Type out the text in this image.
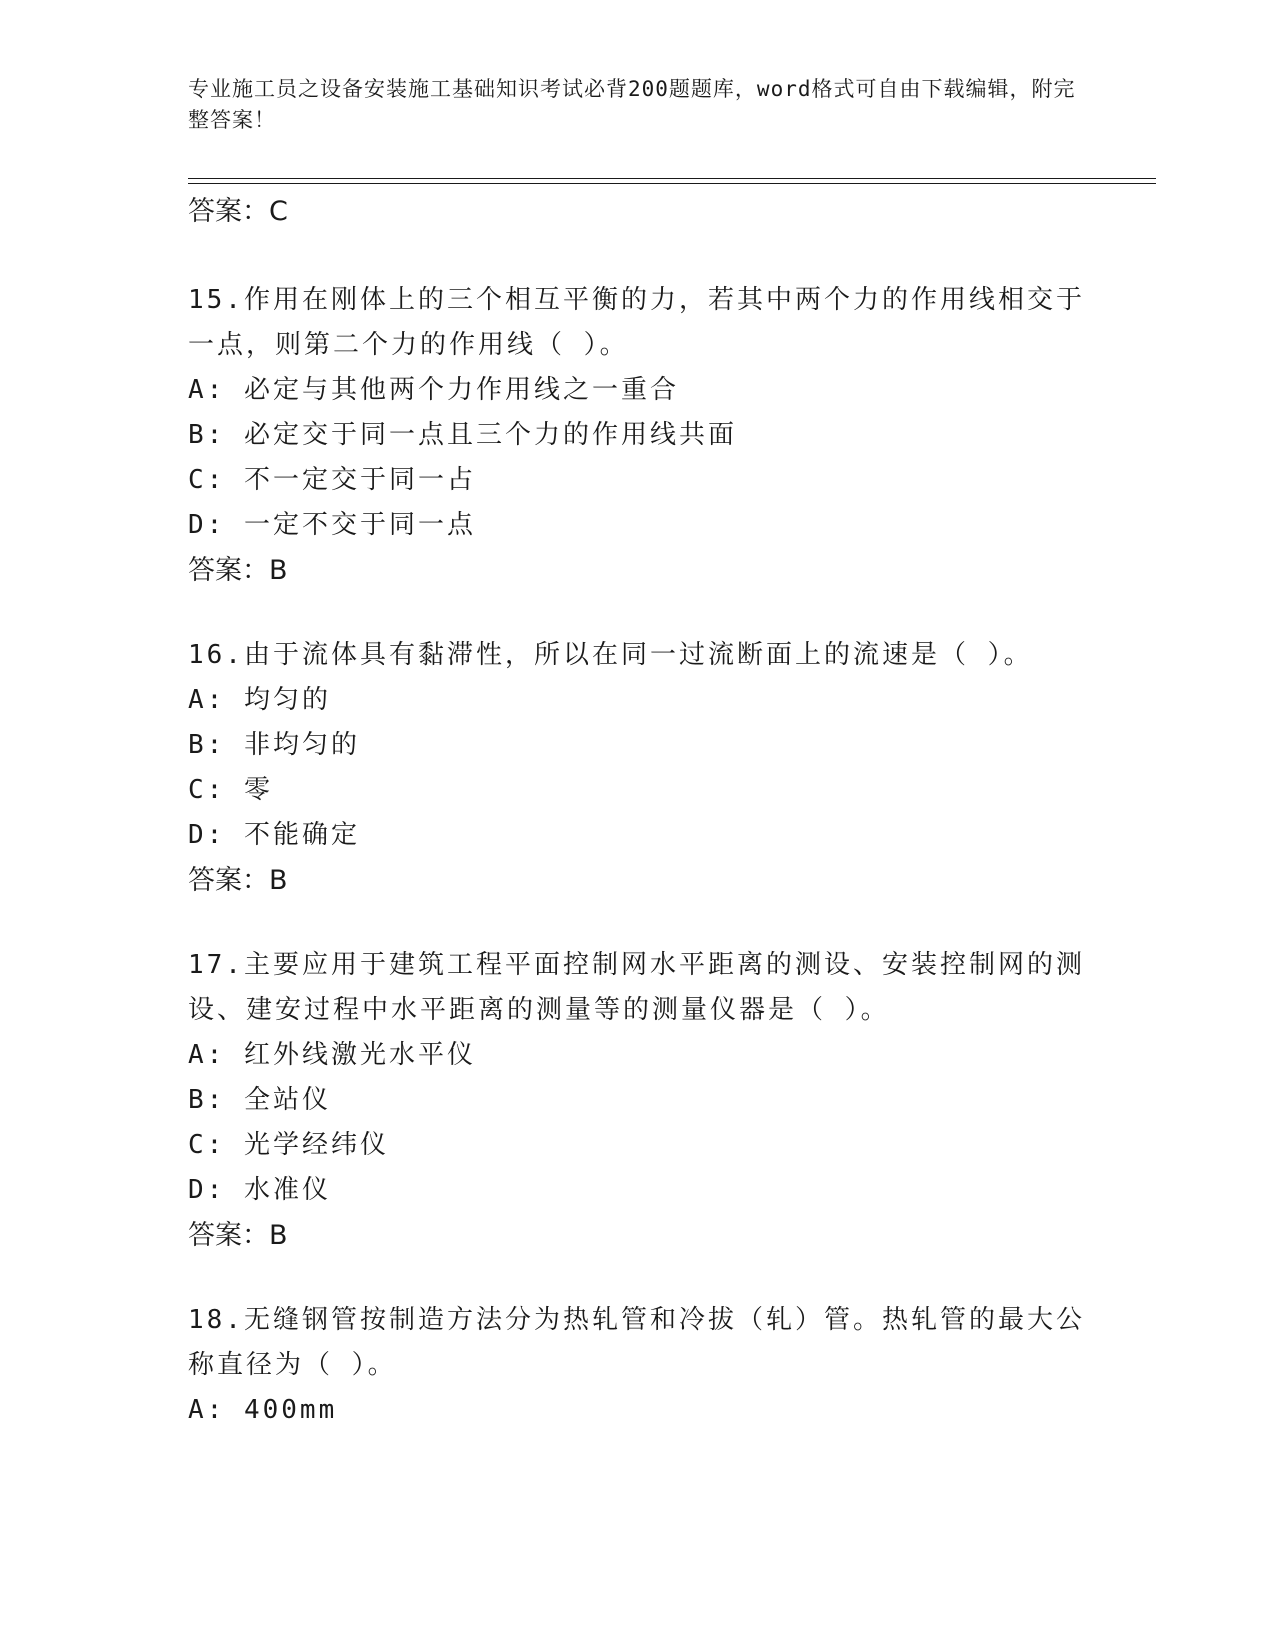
专业施工员之设备安装施工基础知识考试必背200题题库，word格式可自由下载编辑，附完整答案！
答案：C
15.作用在刚体上的三个相互平衡的力，若其中两个力的作用线相交于一点，则第二个力的作用线（ ）。
A: 必定与其他两个力作用线之一重合
B: 必定交于同一点且三个力的作用线共面
C: 不一定交于同一占
D: 一定不交于同一点
答案：B
16.由于流体具有黏滞性，所以在同一过流断面上的流速是（ ）。
A: 均匀的
B: 非均匀的
C: 零
D: 不能确定
答案：B
17.主要应用于建筑工程平面控制网水平距离的测设、安装控制网的测设、建安过程中水平距离的测量等的测量仪器是（ ）。
A: 红外线激光水平仪
B: 全站仪
C: 光学经纬仪
D: 水准仪
答案：B
18.无缝钢管按制造方法分为热轧管和冷拔（轧）管。热轧管的最大公称直径为（ ）。
A: 400mm
